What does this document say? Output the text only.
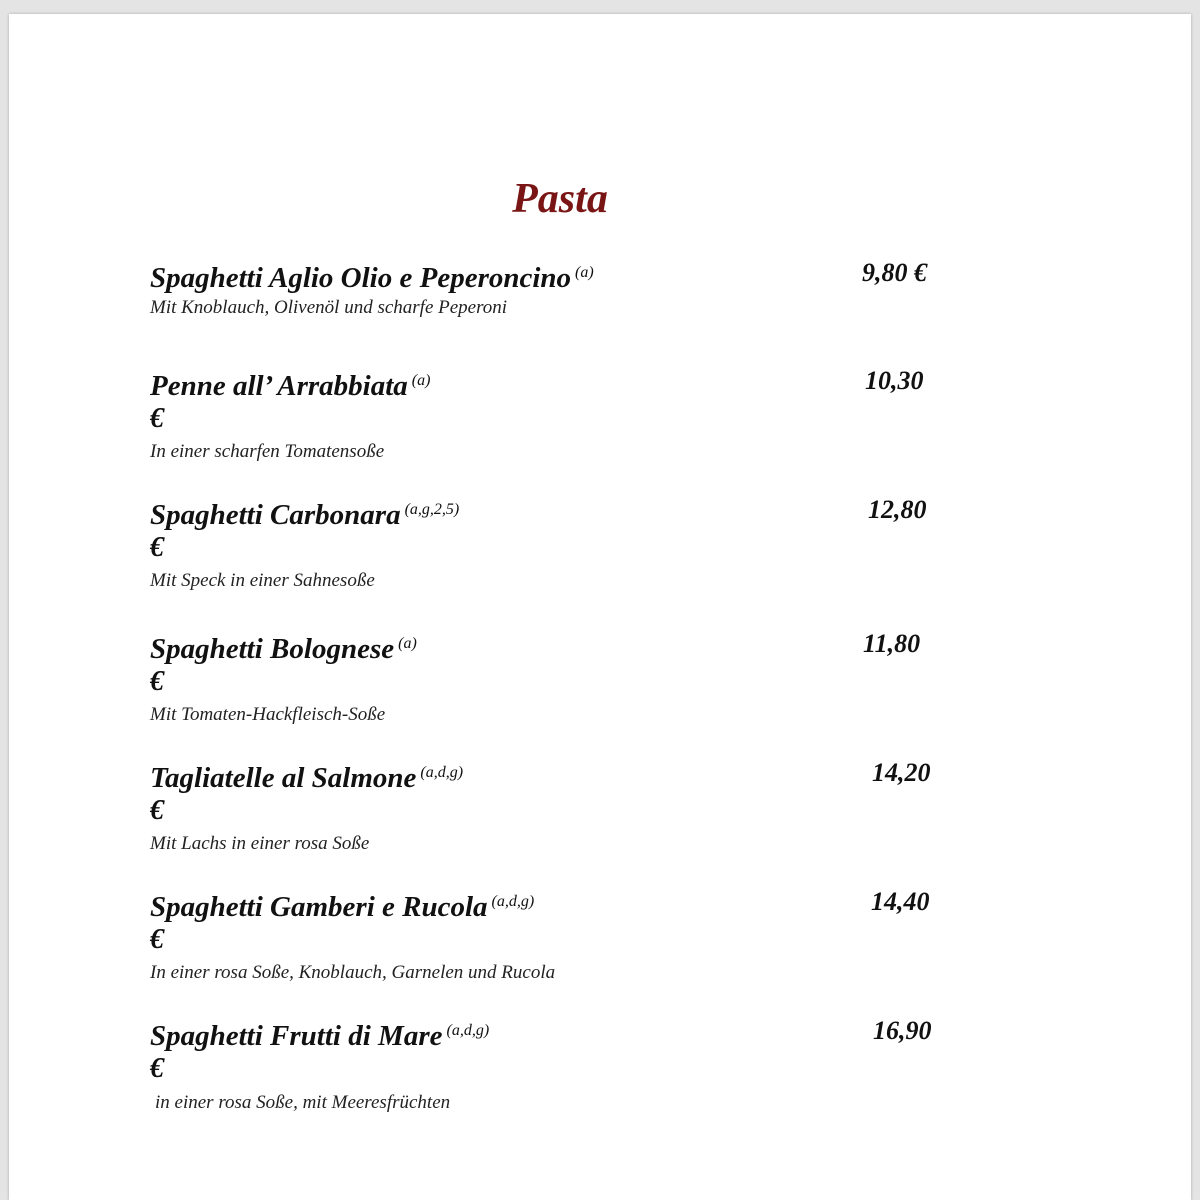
Pasta
Spaghetti Aglio Olio e Peperoncino $^{(a)}$	9,80 €
Mit Knoblauch, Olivenöl und scharfe Peperoni
Penne all’ Arrabbiata $^{(a)}$	10,30
€
In einer scharfen Tomatensoße
Spaghetti Carbonara $^{(a,g,2,5)}$	12,80
€
Mit Speck in einer Sahnesoße
Spaghetti Bolognese $^{(a)}$	11,80
€
Mit Tomaten-Hackfleisch-Soße
Tagliatelle al Salmone $^{(a,d,g)}$	14,20
€
Mit Lachs in einer rosa Soße
Spaghetti Gamberi e Rucola $^{(a,d,g)}$	14,40
€
In einer rosa Soße, Knoblauch, Garnelen und Rucola
Spaghetti Frutti di Mare $^{(a,d,g)}$	16,90
€
in einer rosa Soße, mit Meeresfrüchten
